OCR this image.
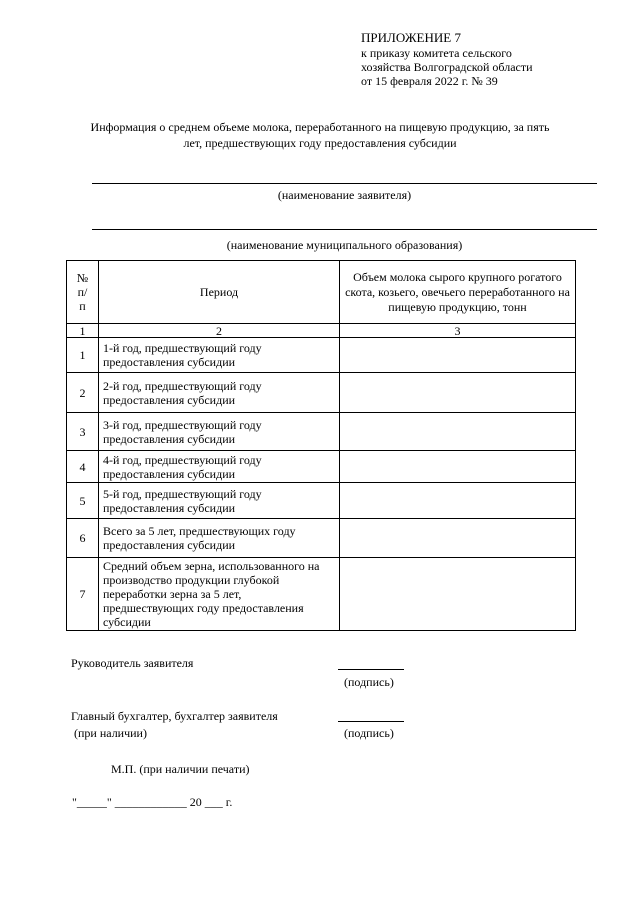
ПРИЛОЖЕНИЕ 7
к приказу комитета сельского
хозяйства Волгоградской области
от 15 февраля 2022 г. № 39
Информация о среднем объеме молока, переработанного на пищевую продукцию, за пять
лет, предшествующих году предоставления субсидии
(наименование заявителя)
(наименование муниципального образования)
№ п/п	Период	Объем молока сырого крупного рогатого скота, козьего, овечьего переработанного на пищевую продукцию, тонн
1	2	3
1	1-й год, предшествующий году предоставления субсидии	
2	2-й год, предшествующий году предоставления субсидии	
3	3-й год, предшествующий году предоставления субсидии	
4	4-й год, предшествующий году предоставления субсидии	
5	5-й год, предшествующий году предоставления субсидии	
6	Всего за 5 лет, предшествующих году предоставления субсидии	
7	Средний объем зерна, использованного на производство продукции глубокой переработки зерна за 5 лет, предшествующих году предоставления субсидии	
Руководитель заявителя
(подпись)
Главный бухгалтер, бухгалтер заявителя
(при наличии)	(подпись)
М.П. (при наличии печати)
"_____" ____________ 20 ___ г.
